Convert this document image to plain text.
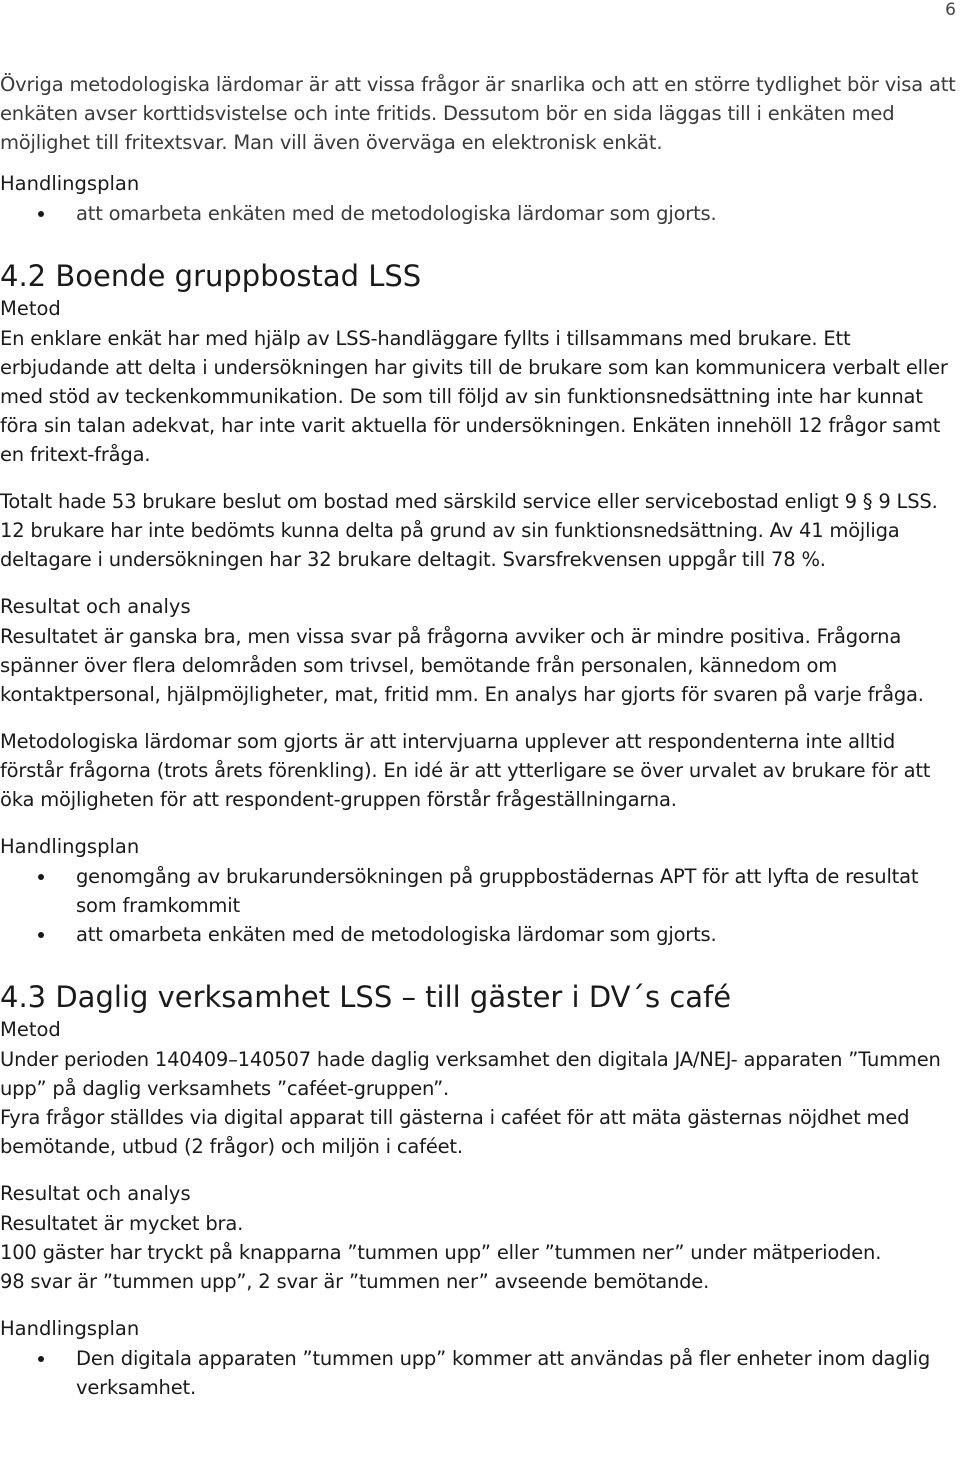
6

Övriga metodologiska lärdomar är att vissa frågor är snarlika och att en större tydlighet bör visa att enkäten avser korttidsvistelse och inte fritids. Dessutom bör en sida läggas till i enkäten med möjlighet till fritextsvar. Man vill även överväga en elektronisk enkät.

Handlingsplan
att omarbeta enkäten med de metodologiska lärdomar som gjorts.
4.2 Boende gruppbostad LSS
Metod

En enklare enkät har med hjälp av LSS-handläggare fyllts i tillsammans med brukare. Ett erbjudande att delta i undersökningen har givits till de brukare som kan kommunicera verbalt eller med stöd av teckenkommunikation. De som till följd av sin funktionsnedsättning inte har kunnat föra sin talan adekvat, har inte varit aktuella för undersökningen. Enkäten innehöll 12 frågor samt en fritext-fråga.

Totalt hade 53 brukare beslut om bostad med särskild service eller servicebostad enligt 9 § 9 LSS. 12 brukare har inte bedömts kunna delta på grund av sin funktionsnedsättning. Av 41 möjliga deltagare i undersökningen har 32 brukare deltagit. Svarsfrekvensen uppgår till 78 %.

Resultat och analys

Resultatet är ganska bra, men vissa svar på frågorna avviker och är mindre positiva. Frågorna spänner över flera delområden som trivsel, bemötande från personalen, kännedom om kontaktpersonal, hjälpmöjligheter, mat, fritid mm. En analys har gjorts för svaren på varje fråga.

Metodologiska lärdomar som gjorts är att intervjuarna upplever att respondenterna inte alltid förstår frågorna (trots årets förenkling). En idé är att ytterligare se över urvalet av brukare för att öka möjligheten för att respondent-gruppen förstår frågeställningarna.

Handlingsplan
genomgång av brukarundersökningen på gruppbostädernas APT för att lyfta de resultat som framkommit
att omarbeta enkäten med de metodologiska lärdomar som gjorts.
4.3 Daglig verksamhet LSS – till gäster i DV´s café
Metod

Under perioden 140409–140507 hade daglig verksamhet den digitala JA/NEJ- apparaten ”Tummen upp” på daglig verksamhets ”caféet-gruppen”.

Fyra frågor ställdes via digital apparat till gästerna i caféet för att mäta gästernas nöjdhet med bemötande, utbud (2 frågor) och miljön i caféet.

Resultat och analys

Resultatet är mycket bra.

100 gäster har tryckt på knapparna ”tummen upp” eller ”tummen ner” under mätperioden.

98 svar är ”tummen upp”, 2 svar är ”tummen ner” avseende bemötande.

Handlingsplan
Den digitala apparaten ”tummen upp” kommer att användas på fler enheter inom daglig verksamhet.
